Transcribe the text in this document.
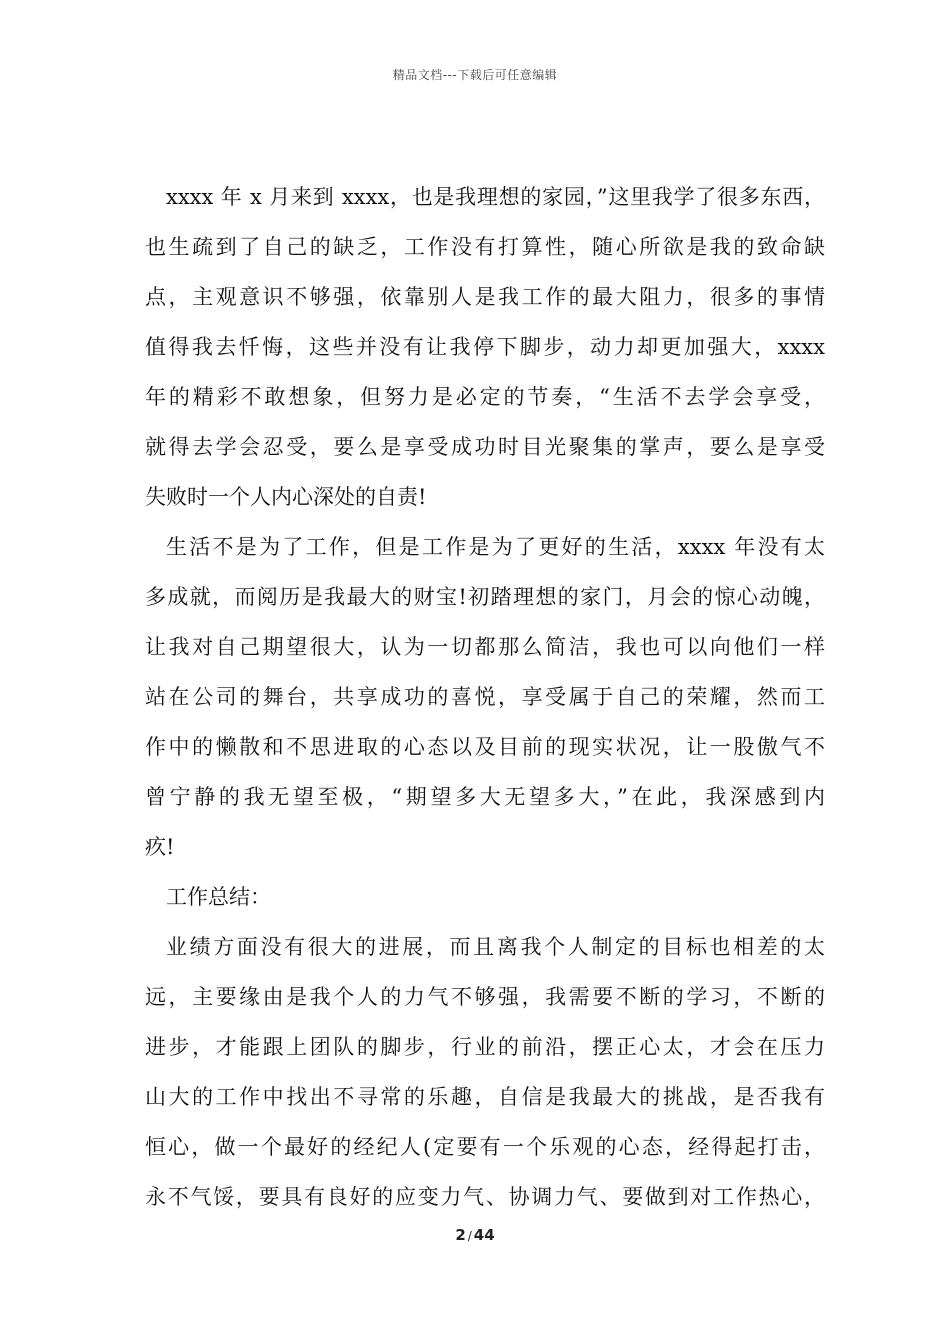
精品文档---下载后可任意编辑
xxxx 年 x 月来到 xxxx，也是我理想的家园，”这里我学了很多东西，
也生疏到了自己的缺乏，工作没有打算性，随心所欲是我的致命缺
点，主观意识不够强，依靠别人是我工作的最大阻力，很多的事情
值得我去忏悔，这些并没有让我停下脚步，动力却更加强大，xxxx
年的精彩不敢想象，但努力是必定的节奏，“生活不去学会享受，
就得去学会忍受，要么是享受成功时目光聚集的掌声，要么是享受
失败时一个人内心深处的自责!
生活不是为了工作，但是工作是为了更好的生活，xxxx 年没有太
多成就，而阅历是我最大的财宝!初踏理想的家门，月会的惊心动魄，
让我对自己期望很大，认为一切都那么简洁，我也可以向他们一样
站在公司的舞台，共享成功的喜悦，享受属于自己的荣耀，然而工
作中的懒散和不思进取的心态以及目前的现实状况，让一股傲气不
曾宁静的我无望至极，“期望多大无望多大，”在此，我深感到内
疚!
工作总结：
业绩方面没有很大的进展，而且离我个人制定的目标也相差的太
远，主要缘由是我个人的力气不够强，我需要不断的学习，不断的
进步，才能跟上团队的脚步，行业的前沿，摆正心太，才会在压力
山大的工作中找出不寻常的乐趣，自信是我最大的挑战，是否我有
恒心，做一个最好的经纪人(定要有一个乐观的心态，经得起打击，
永不气馁，要具有良好的应变力气、协调力气、要做到对工作热心，
2 / 44
